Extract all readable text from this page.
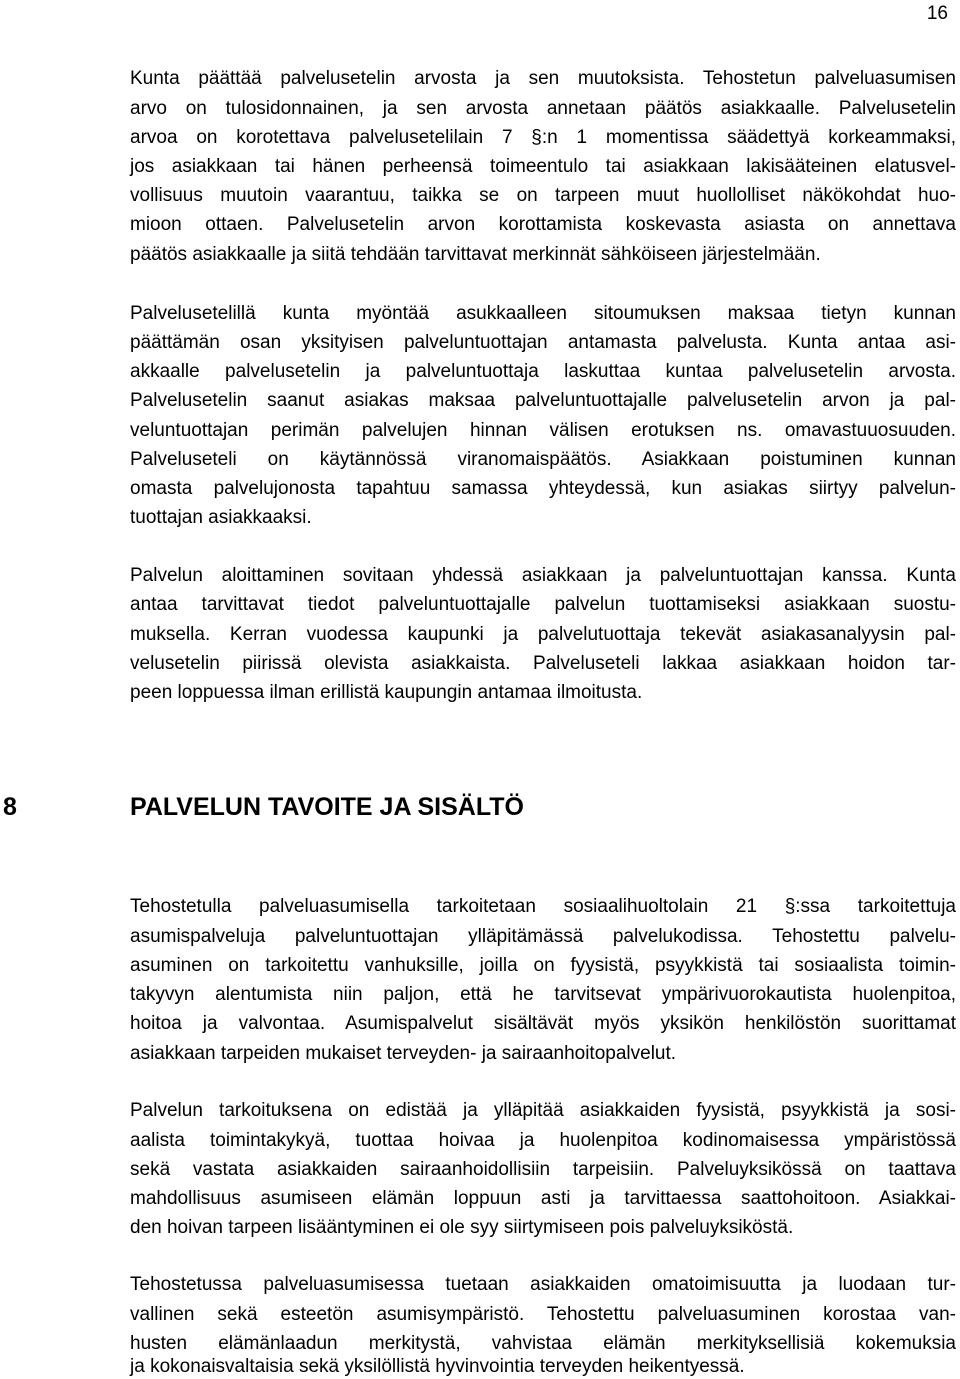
16
Kunta päättää palvelusetelin arvosta ja sen muutoksista. Tehostetun palveluasumisen
arvo on tulosidonnainen, ja sen arvosta annetaan päätös asiakkaalle. Palvelusetelin
arvoa on korotettava palvelusetelilain 7 §:n 1 momentissa säädettyä korkeammaksi,
jos asiakkaan tai hänen perheensä toimeentulo tai asiakkaan lakisääteinen elatusvel-
vollisuus muutoin vaarantuu, taikka se on tarpeen muut huollolliset näkökohdat huo-
mioon ottaen. Palvelusetelin arvon korottamista koskevasta asiasta on annettava
päätös asiakkaalle ja siitä tehdään tarvittavat merkinnät sähköiseen järjestelmään.
Palvelusetelillä kunta myöntää asukkaalleen sitoumuksen maksaa tietyn kunnan
päättämän osan yksityisen palveluntuottajan antamasta palvelusta. Kunta antaa asi-
akkaalle palvelusetelin ja palveluntuottaja laskuttaa kuntaa palvelusetelin arvosta.
Palvelusetelin saanut asiakas maksaa palveluntuottajalle palvelusetelin arvon ja pal-
veluntuottajan perimän palvelujen hinnan välisen erotuksen ns. omavastuuosuuden.
Palveluseteli on käytännössä viranomaispäätös. Asiakkaan poistuminen kunnan
omasta palvelujonosta tapahtuu samassa yhteydessä, kun asiakas siirtyy palvelun-
tuottajan asiakkaaksi.
Palvelun aloittaminen sovitaan yhdessä asiakkaan ja palveluntuottajan kanssa. Kunta
antaa tarvittavat tiedot palveluntuottajalle palvelun tuottamiseksi asiakkaan suostu-
muksella. Kerran vuodessa kaupunki ja palvelutuottaja tekevät asiakasanalyysin pal-
velusetelin piirissä olevista asiakkaista. Palveluseteli lakkaa asiakkaan hoidon tar-
peen loppuessa ilman erillistä kaupungin antamaa ilmoitusta.
8	PALVELUN TAVOITE JA SISÄLTÖ
Tehostetulla palveluasumisella tarkoitetaan sosiaalihuoltolain 21 §:ssa tarkoitettuja
asumispalveluja palveluntuottajan ylläpitämässä palvelukodissa. Tehostettu palvelu-
asuminen on tarkoitettu vanhuksille, joilla on fyysistä, psyykkistä tai sosiaalista toimin-
takyvyn alentumista niin paljon, että he tarvitsevat ympärivuorokautista huolenpitoa,
hoitoa ja valvontaa. Asumispalvelut sisältävät myös yksikön henkilöstön suorittamat
asiakkaan tarpeiden mukaiset terveyden- ja sairaanhoitopalvelut.
Palvelun tarkoituksena on edistää ja ylläpitää asiakkaiden fyysistä, psyykkistä ja sosi-
aalista toimintakykyä, tuottaa hoivaa ja huolenpitoa kodinomaisessa ympäristössä
sekä vastata asiakkaiden sairaanhoidollisiin tarpeisiin. Palveluyksikössä on taattava
mahdollisuus asumiseen elämän loppuun asti ja tarvittaessa saattohoitoon. Asiakkai-
den hoivan tarpeen lisääntyminen ei ole syy siirtymiseen pois palveluyksiköstä.
Tehostetussa palveluasumisessa tuetaan asiakkaiden omatoimisuutta ja luodaan tur-
vallinen sekä esteetön asumisympäristö. Tehostettu palveluasuminen korostaa van-
husten elämänlaadun merkitystä, vahvistaa elämän merkityksellisiä kokemuksia
ja kokonaisvaltaisia sekä yksilöllistä hyvinvointia terveyden heikentyessä.
